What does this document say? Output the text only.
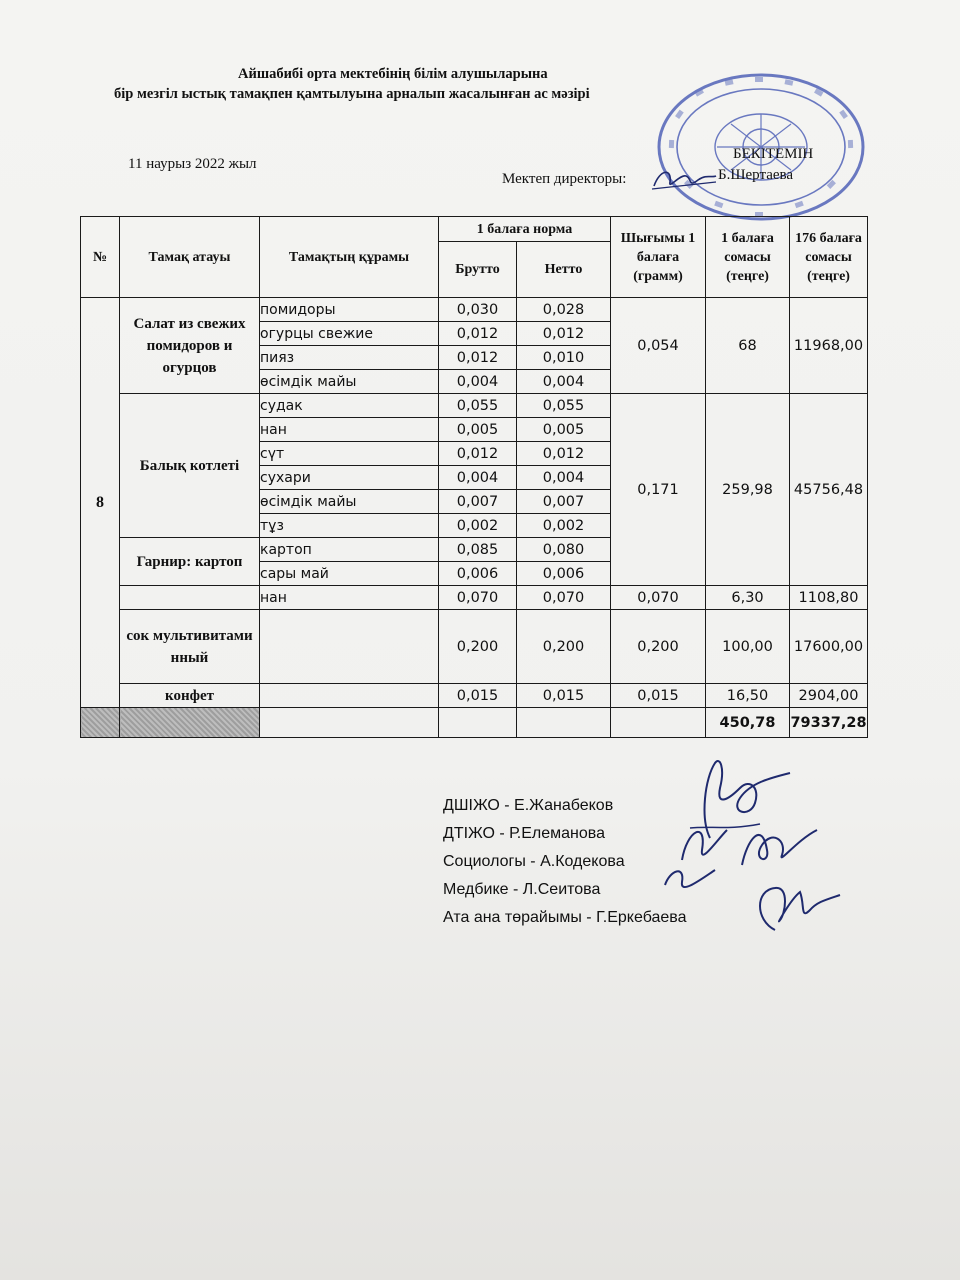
Айшабибі орта мектебінің білім алушыларына
бір мезгіл ыстық тамақпен қамтылуына арналып жасалынған ас мәзірі
11 наурыз 2022 жыл
БЕКІТЕМІН
Мектеп директоры:	Б.Шертаева
№	Тамақ атауы	Тамақтың құрамы	1 балаға норма		Шығымы 1 балаға (грамм)	1 балаға сомасы (теңге)	176 балаға сомасы (теңге)
			Брутто	Нетто			
8	Салат из свежих помидоров и огурцов	помидоры	0,030	0,028	0,054	68	11968,00
		огурцы свежие	0,012	0,012			
		пияз	0,012	0,010			
		өсімдік майы	0,004	0,004			
	Балық котлеті	судак	0,055	0,055	0,171	259,98	45756,48
		нан	0,005	0,005			
		сүт	0,012	0,012			
		сухари	0,004	0,004			
		өсімдік майы	0,007	0,007			
		тұз	0,002	0,002			
	Гарнир: картоп	картоп	0,085	0,080			
		сары май	0,006	0,006			
		нан	0,070	0,070	0,070	6,30	1108,80

	сок мультивитаминный		0,200	0,200	0,200	100,00	17600,00
	конфет		0,015	0,015	0,015	16,50	2904,00
						450,78	79337,28
ДШІЖО - Е.Жанабеков
ДТІЖО - Р.Елеманова
Социологы - А.Кодекова
Медбике - Л.Сеитова
Ата ана төрайымы - Г.Еркебаева
